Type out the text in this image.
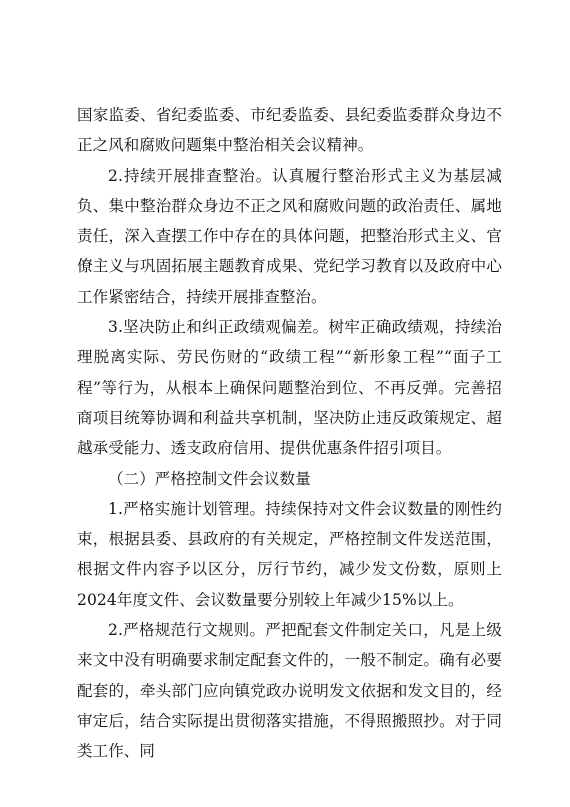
国家监委、省纪委监委、市纪委监委、县纪委监委群众身边不正之风和腐败问题集中整治相关会议精神。

2.持续开展排查整治。认真履行整治形式主义为基层减负、集中整治群众身边不正之风和腐败问题的政治责任、属地责任，深入查摆工作中存在的具体问题，把整治形式主义、官僚主义与巩固拓展主题教育成果、党纪学习教育以及政府中心工作紧密结合，持续开展排查整治。

3.坚决防止和纠正政绩观偏差。树牢正确政绩观，持续治理脱离实际、劳民伤财的“政绩工程”“新形象工程”“面子工程”等行为，从根本上确保问题整治到位、不再反弹。完善招商项目统筹协调和利益共享机制，坚决防止违反政策规定、超越承受能力、透支政府信用、提供优惠条件招引项目。

（二）严格控制文件会议数量

1.严格实施计划管理。持续保持对文件会议数量的刚性约束，根据县委、县政府的有关规定，严格控制文件发送范围，根据文件内容予以区分，厉行节约，减少发文份数，原则上2024年度文件、会议数量要分别较上年减少15%以上。

2.严格规范行文规则。严把配套文件制定关口，凡是上级来文中没有明确要求制定配套文件的，一般不制定。确有必要配套的，牵头部门应向镇党政办说明发文依据和发文目的，经审定后，结合实际提出贯彻落实措施，不得照搬照抄。对于同类工作、同
